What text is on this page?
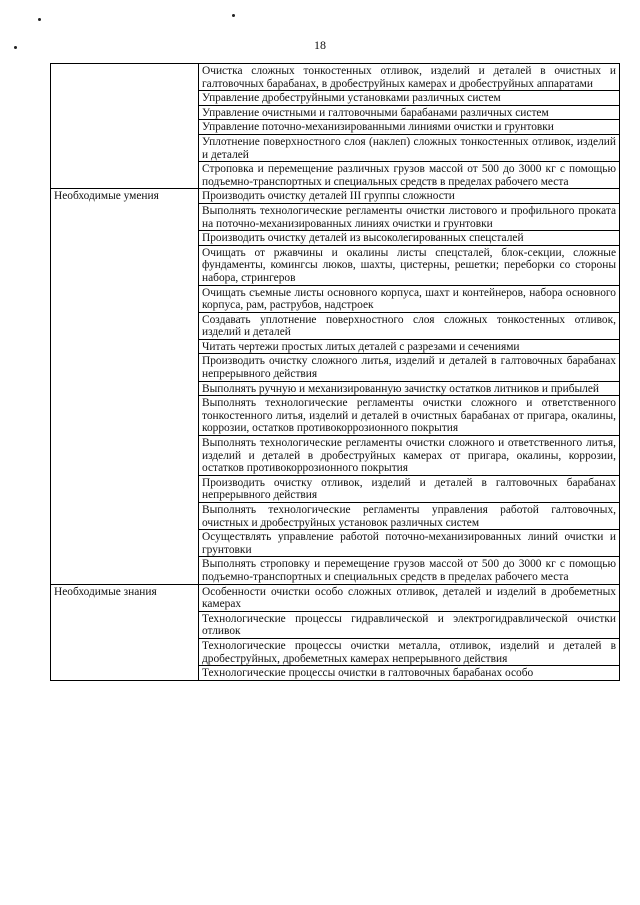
18
	Очистка сложных тонкостенных отливок, изделий и деталей в очистных и галтовочных барабанах, в дробеструйных камерах и дробеструйных аппаратами
	Управление дробеструйными установками различных систем
	Управление очистными и галтовочными барабанами различных систем
	Управление поточно-механизированными линиями очистки и грунтовки
	Уплотнение поверхностного слоя (наклеп) сложных тонкостенных отливок, изделий и деталей
	Строповка и перемещение различных грузов массой от 500 до 3000 кг с помощью подъемно-транспортных и специальных средств в пределах рабочего места
Необходимые умения	Производить очистку деталей III группы сложности
	Выполнять технологические регламенты очистки листового и профильного проката на поточно-механизированных линиях очистки и грунтовки
	Производить очистку деталей из высоколегированных спецсталей
	Очищать от ржавчины и окалины листы спецсталей, блок-секции, сложные фундаменты, комингсы люков, шахты, цистерны, решетки; переборки со стороны набора, стрингеров
	Очищать съемные листы основного корпуса, шахт и контейнеров, набора основного корпуса, рам, раструбов, надстроек
	Создавать уплотнение поверхностного слоя сложных тонкостенных отливок, изделий и деталей
	Читать чертежи простых литых деталей с разрезами и сечениями
	Производить очистку сложного литья, изделий и деталей в галтовочных барабанах непрерывного действия
	Выполнять ручную и механизированную зачистку остатков литников и прибылей
	Выполнять технологические регламенты очистки сложного и ответственного тонкостенного литья, изделий и деталей в очистных барабанах от пригара, окалины, коррозии, остатков противокоррозионного покрытия
	Выполнять технологические регламенты очистки сложного и ответственного литья, изделий и деталей в дробеструйных камерах от пригара, окалины, коррозии, остатков противокоррозионного покрытия
	Производить очистку отливок, изделий и деталей в галтовочных барабанах непрерывного действия
	Выполнять технологические регламенты управления работой галтовочных, очистных и дробеструйных установок различных систем
	Осуществлять управление работой поточно-механизированных линий очистки и грунтовки
	Выполнять строповку и перемещение грузов массой от 500 до 3000 кг с помощью подъемно-транспортных и специальных средств в пределах рабочего места
Необходимые знания	Особенности очистки особо сложных отливок, деталей и изделий в дробеметных камерах
	Технологические процессы гидравлической и электрогидравлической очистки отливок
	Технологические процессы очистки металла, отливок, изделий и деталей в дробеструйных, дробеметных камерах непрерывного действия
	Технологические процессы очистки в галтовочных барабанах особо
